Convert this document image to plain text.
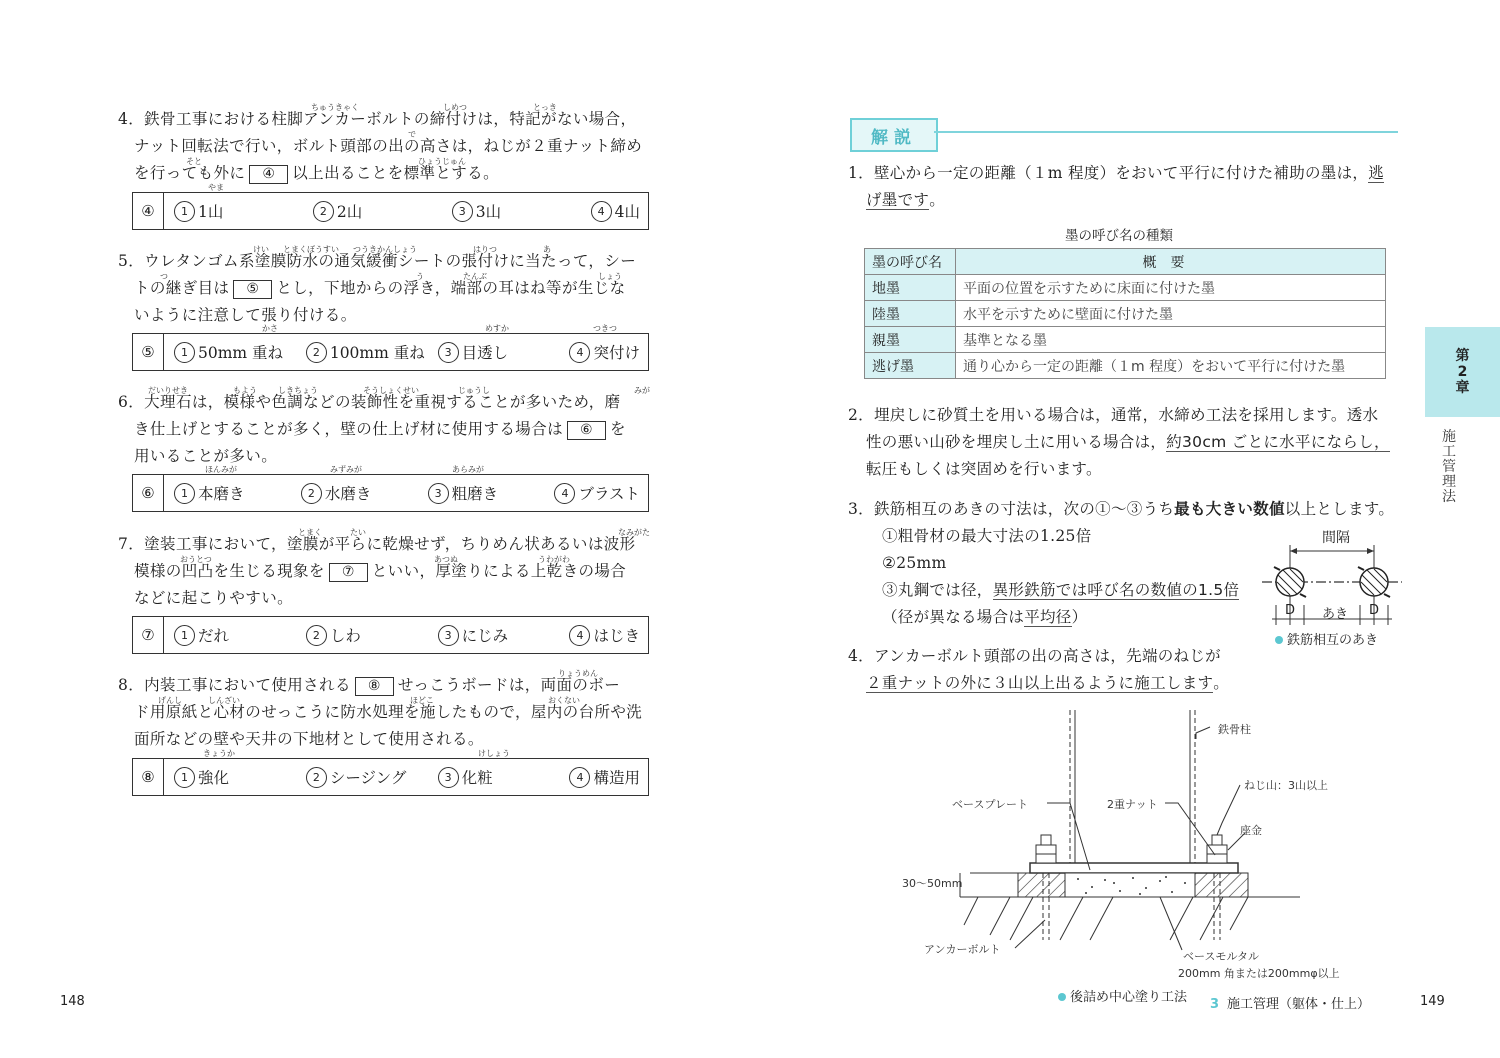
ちゅうきゃく	しめつ	とっき
4．鉄骨工事における柱脚アンカーボルトの締付けは，特記がない場合，
で
ナット回転法で行い，ボルト頭部の出の高さは，ねじが２重ナット締め
そと	ひょうじゅん
を行っても外に ④ 以上出ることを標準とする。
④	1 1山	2 2山	3 3山	4 4山
やま
けい とまくぼうすい つうきかんしょう	はりつ	あ
5．ウレタンゴム系塗膜防水の通気緩衝シートの張付けに当たって，シー
つ	う	たんぶ	しょう
トの継ぎ目は ⑤ とし，下地からの浮き，端部の耳はね等が生じな
いように注意して張り付ける。
⑤	1 50mm 重ね	2 100mm 重ね	3 目透し	4 突付け
かさ	めすか	つきつ
だいりせき	もよう	しきちょう	そうしょくせい	じゅうし	みが
6．大理石は，模様や色調などの装飾性を重視することが多いため，磨
き仕上げとすることが多く，壁の仕上げ材に使用する場合は ⑥ を
用いることが多い。
⑥	1 本磨き	2 水磨き	3 粗磨き	4 ブラスト
ほんみが	みずみが	あらみが
とまく	たい	なみがた
7．塗装工事において，塗膜が平らに乾燥せず，ちりめん状あるいは波形
おうとつ	あつぬ	うわがわ
模様の凹凸を生じる現象を ⑦ といい，厚塗りによる上乾きの場合
などに起こりやすい。
⑦	1 だれ	2 しわ	3 にじみ	4 はじき
りょうめん
8．内装工事において使用される ⑧ せっこうボードは，両面のボー
げんし	しんざい	ほどこ	おくない
ド用原紙と心材のせっこうに防水処理を施したもので，屋内の台所や洗
面所などの壁や天井の下地材として使用される。
⑧	1 強化	2 シージング	3 化粧	4 構造用
きょうか	けしょう
148
解説
1．壁心から一定の距離（１m 程度）をおいて平行に付けた補助の墨は，逃
げ墨です。
墨の呼び名の種類
墨の呼び名	概要
地墨	平面の位置を示すために床面に付けた墨
陸墨	水平を示すために壁面に付けた墨
親墨	基準となる墨
逃げ墨	通り心から一定の距離（１m 程度）をおいて平行に付けた墨
2．埋戻しに砂質土を用いる場合は，通常，水締め工法を採用します。透水
性の悪い山砂を埋戻し土に用いる場合は，約30cm ごとに水平にならし，
転圧もしくは突固めを行います。
3．鉄筋相互のあきの寸法は，次の①～③うち最も大きい数値以上とします。
①粗骨材の最大寸法の1.25倍
②25mm
③丸鋼では径，異形鉄筋では呼び名の数値の1.5倍
（径が異なる場合は平均径）
間隔
D あき D
鉄筋相互のあき
4．アンカーボルト頭部の出の高さは，先端のねじが
２重ナットの外に３山以上出るように施工します。
鉄骨柱
ねじ山：3山以上
ベースプレート	2重ナット
座金
30〜50mm
アンカーボルト
ベースモルタル
200mm 角または200mmφ以上
後詰め中心塗り工法 3 施工管理（躯体・仕上）	149
第
2
章
施
工
管
理
法
